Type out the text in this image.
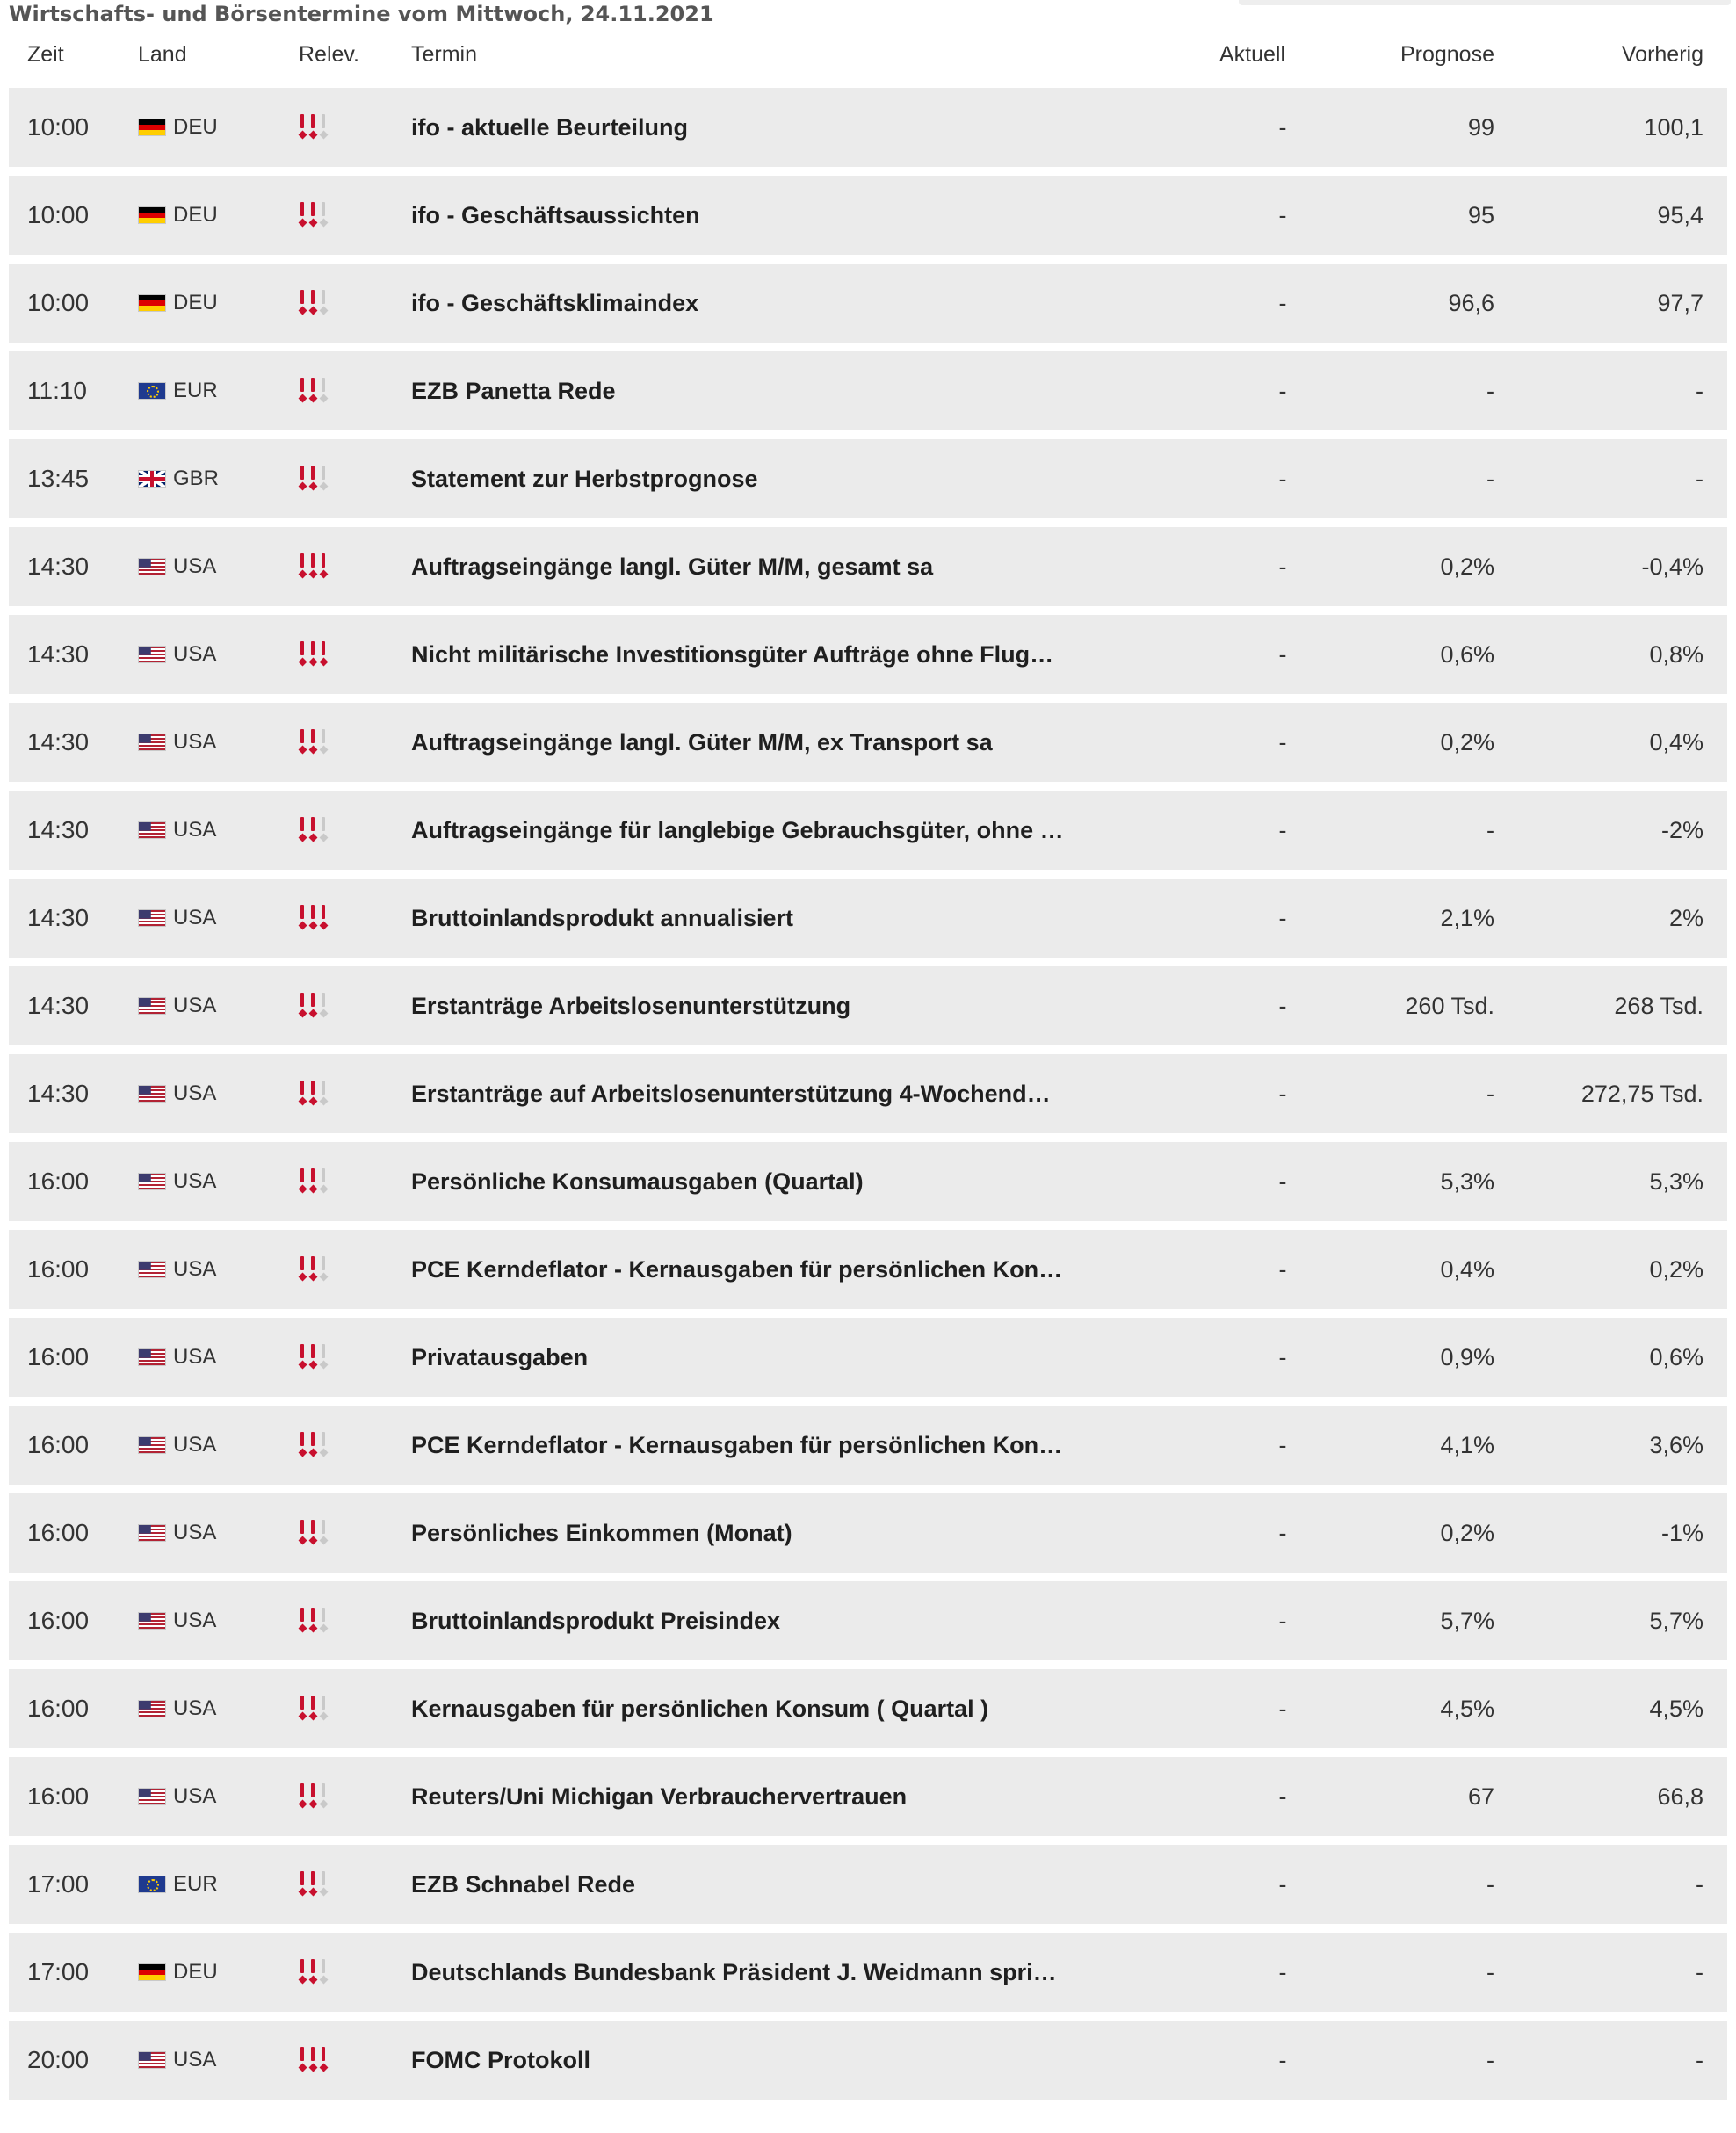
Wirtschafts- und Börsentermine vom Mittwoch, 24.11.2021
Zeit	Land	Relev. Termin	Aktuell	Prognose	Vorherig
10:00	DEU	ifo - aktuelle Beurteilung	-	99	100,1
10:00	DEU	ifo - Geschäftsaussichten	-	95	95,4
10:00	DEU	ifo - Geschäftsklimaindex	-	96,6	97,7
11:10	EUR	EZB Panetta Rede	-	-	-
13:45	GBR	Statement zur Herbstprognose	-	-	-
14:30	USA	Auftragseingänge langl. Güter M/M, gesamt sa	-	0,2%	-0,4%
14:30	USA	Nicht militärische Investitionsgüter Aufträge ohne Flug…	-	0,6%	0,8%
14:30	USA	Auftragseingänge langl. Güter M/M, ex Transport sa	-	0,2%	0,4%
14:30	USA	Auftragseingänge für langlebige Gebrauchsgüter, ohne …	-	-	-2%
14:30	USA	Bruttoinlandsprodukt annualisiert	-	2,1%	2%
14:30	USA	Erstanträge Arbeitslosenunterstützung	-	260 Tsd.	268 Tsd.
14:30	USA	Erstanträge auf Arbeitslosenunterstützung 4-Wochend…	-	-	272,75 Tsd.
16:00	USA	Persönliche Konsumausgaben (Quartal)	-	5,3%	5,3%
16:00	USA	PCE Kerndeflator - Kernausgaben für persönlichen Kon…	-	0,4%	0,2%
16:00	USA	Privatausgaben	-	0,9%	0,6%
16:00	USA	PCE Kerndeflator - Kernausgaben für persönlichen Kon…	-	4,1%	3,6%
16:00	USA	Persönliches Einkommen (Monat)	-	0,2%	-1%
16:00	USA	Bruttoinlandsprodukt Preisindex	-	5,7%	5,7%
16:00	USA	Kernausgaben für persönlichen Konsum ( Quartal )	-	4,5%	4,5%
16:00	USA	Reuters/Uni Michigan Verbrauchervertrauen	-	67	66,8
17:00	EUR	EZB Schnabel Rede	-	-	-
17:00	DEU	Deutschlands Bundesbank Präsident J. Weidmann spri…	-	-	-
20:00	USA	FOMC Protokoll	-	-	-
